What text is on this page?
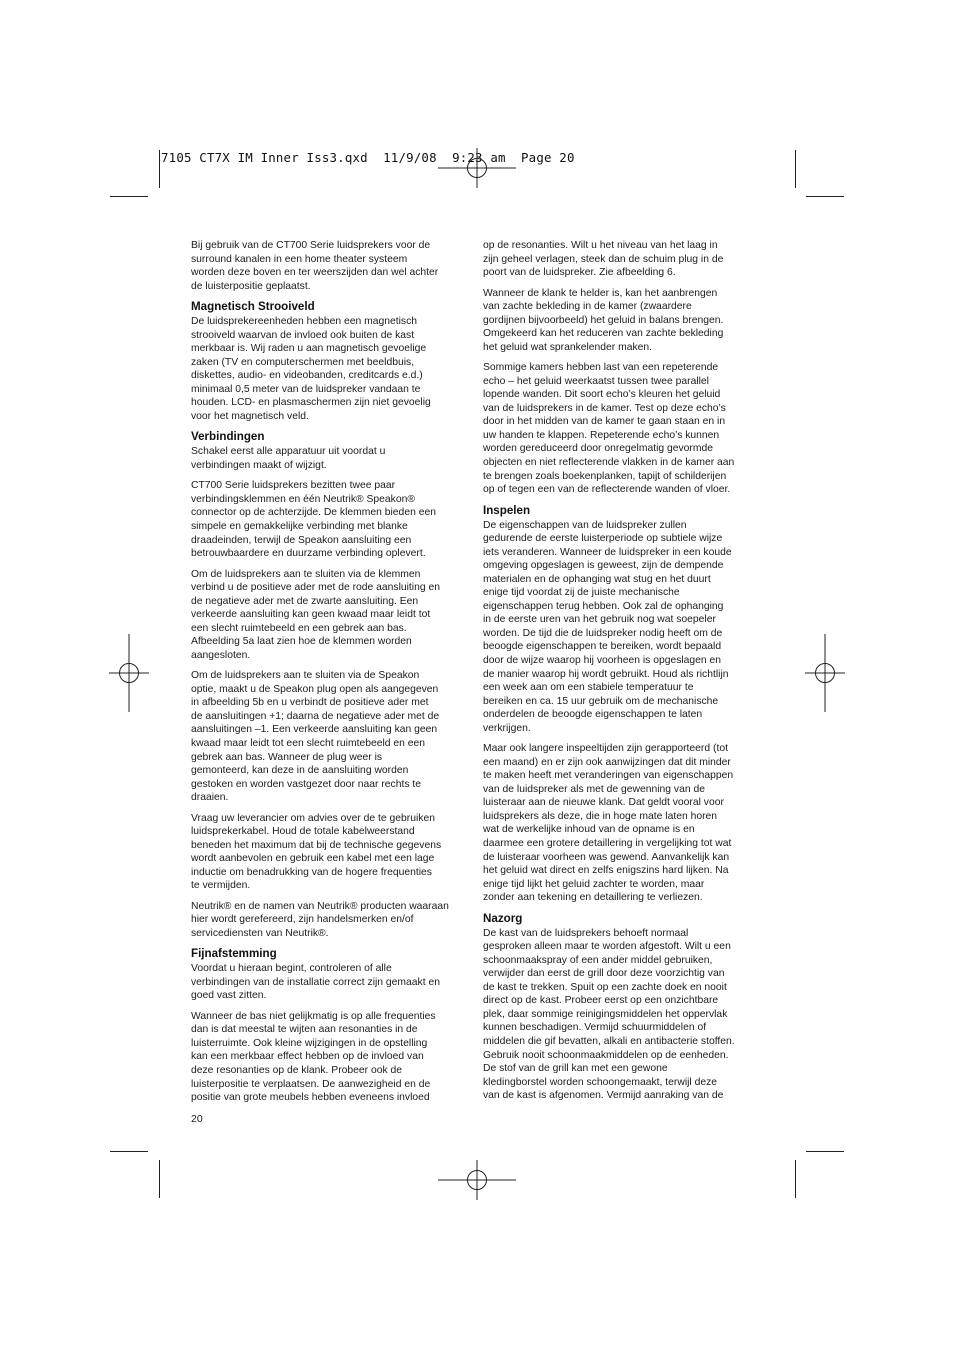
7105 CT7X IM Inner Iss3.qxd  11/9/08  9:23 am  Page 20

Bij gebruik van de CT700 Serie luidsprekers voor de
surround kanalen in een home theater systeem
worden deze boven en ter weerszijden dan wel achter
de luisterpositie geplaatst.

Magnetisch Strooiveld

De luidsprekereenheden hebben een magnetisch
strooiveld waarvan de invloed ook buiten de kast
merkbaar is. Wij raden u aan magnetisch gevoelige
zaken (TV en computerschermen met beeldbuis,
diskettes, audio- en videobanden, creditcards e.d.)
minimaal 0,5 meter van de luidspreker vandaan te
houden. LCD- en plasmaschermen zijn niet gevoelig
voor het magnetisch veld.

Verbindingen

Schakel eerst alle apparatuur uit voordat u
verbindingen maakt of wijzigt.

CT700 Serie luidsprekers bezitten twee paar
verbindingsklemmen en één Neutrik® Speakon®
connector op de achterzijde. De klemmen bieden een
simpele en gemakkelijke verbinding met blanke
draadeinden, terwijl de Speakon aansluiting een
betrouwbaardere en duurzame verbinding oplevert.

Om de luidsprekers aan te sluiten via de klemmen
verbind u de positieve ader met de rode aansluiting en
de negatieve ader met de zwarte aansluiting. Een
verkeerde aansluiting kan geen kwaad maar leidt tot
een slecht ruimtebeeld en een gebrek aan bas.
Afbeelding 5a laat zien hoe de klemmen worden
aangesloten.

Om de luidsprekers aan te sluiten via de Speakon
optie, maakt u de Speakon plug open als aangegeven
in afbeelding 5b en u verbindt de positieve ader met
de aansluitingen +1; daarna de negatieve ader met de
aansluitingen –1. Een verkeerde aansluiting kan geen
kwaad maar leidt tot een slecht ruimtebeeld en een
gebrek aan bas. Wanneer de plug weer is
gemonteerd, kan deze in de aansluiting worden
gestoken en worden vastgezet door naar rechts te
draaien.

Vraag uw leverancier om advies over de te gebruiken
luidsprekerkabel. Houd de totale kabelweerstand
beneden het maximum dat bij de technische gegevens
wordt aanbevolen en gebruik een kabel met een lage
inductie om benadrukking van de hogere frequenties
te vermijden.

Neutrik® en de namen van Neutrik® producten waaraan
hier wordt gerefereerd, zijn handelsmerken en/of
servicediensten van Neutrik®.

Fijnafstemming

Voordat u hieraan begint, controleren of alle
verbindingen van de installatie correct zijn gemaakt en
goed vast zitten.

Wanneer de bas niet gelijkmatig is op alle frequenties
dan is dat meestal te wijten aan resonanties in de
luisterruimte. Ook kleine wijzigingen in de opstelling
kan een merkbaar effect hebben op de invloed van
deze resonanties op de klank. Probeer ook de
luisterpositie te verplaatsen. De aanwezigheid en de
positie van grote meubels hebben eveneens invloed

op de resonanties. Wilt u het niveau van het laag in
zijn geheel verlagen, steek dan de schuim plug in de
poort van de luidspreker. Zie afbeelding 6.

Wanneer de klank te helder is, kan het aanbrengen
van zachte bekleding in de kamer (zwaardere
gordijnen bijvoorbeeld) het geluid in balans brengen.
Omgekeerd kan het reduceren van zachte bekleding
het geluid wat sprankelender maken.

Sommige kamers hebben last van een repeterende
echo – het geluid weerkaatst tussen twee parallel
lopende wanden. Dit soort echo’s kleuren het geluid
van de luidsprekers in de kamer. Test op deze echo’s
door in het midden van de kamer te gaan staan en in
uw handen te klappen. Repeterende echo’s kunnen
worden gereduceerd door onregelmatig gevormde
objecten en niet reflecterende vlakken in de kamer aan
te brengen zoals boekenplanken, tapijt of schilderijen
op of tegen een van de reflecterende wanden of vloer.

Inspelen

De eigenschappen van de luidspreker zullen
gedurende de eerste luisterperiode op subtiele wijze
iets veranderen. Wanneer de luidspreker in een koude
omgeving opgeslagen is geweest, zijn de dempende
materialen en de ophanging wat stug en het duurt
enige tijd voordat zij de juiste mechanische
eigenschappen terug hebben. Ook zal de ophanging
in de eerste uren van het gebruik nog wat soepeler
worden. De tijd die de luidspreker nodig heeft om de
beoogde eigenschappen te bereiken, wordt bepaald
door de wijze waarop hij voorheen is opgeslagen en
de manier waarop hij wordt gebruikt. Houd als richtlijn
een week aan om een stabiele temperatuur te
bereiken en ca. 15 uur gebruik om de mechanische
onderdelen de beoogde eigenschappen te laten
verkrijgen.

Maar ook langere inspeeltijden zijn gerapporteerd (tot
een maand) en er zijn ook aanwijzingen dat dit minder
te maken heeft met veranderingen van eigenschappen
van de luidspreker als met de gewenning van de
luisteraar aan de nieuwe klank. Dat geldt vooral voor
luidsprekers als deze, die in hoge mate laten horen
wat de werkelijke inhoud van de opname is en
daarmee een grotere detaillering in vergelijking tot wat
de luisteraar voorheen was gewend. Aanvankelijk kan
het geluid wat direct en zelfs enigszins hard lijken. Na
enige tijd lijkt het geluid zachter te worden, maar
zonder aan tekening en detaillering te verliezen.

Nazorg

De kast van de luidsprekers behoeft normaal
gesproken alleen maar te worden afgestoft. Wilt u een
schoonmaakspray of een ander middel gebruiken,
verwijder dan eerst de grill door deze voorzichtig van
de kast te trekken. Spuit op een zachte doek en nooit
direct op de kast. Probeer eerst op een onzichtbare
plek, daar sommige reinigingsmiddelen het oppervlak
kunnen beschadigen. Vermijd schuurmiddelen of
middelen die gif bevatten, alkali en antibacterie stoffen.
Gebruik nooit schoonmaakmiddelen op de eenheden.
De stof van de grill kan met een gewone
kledingborstel worden schoongemaakt, terwijl deze
van de kast is afgenomen. Vermijd aanraking van de

20
